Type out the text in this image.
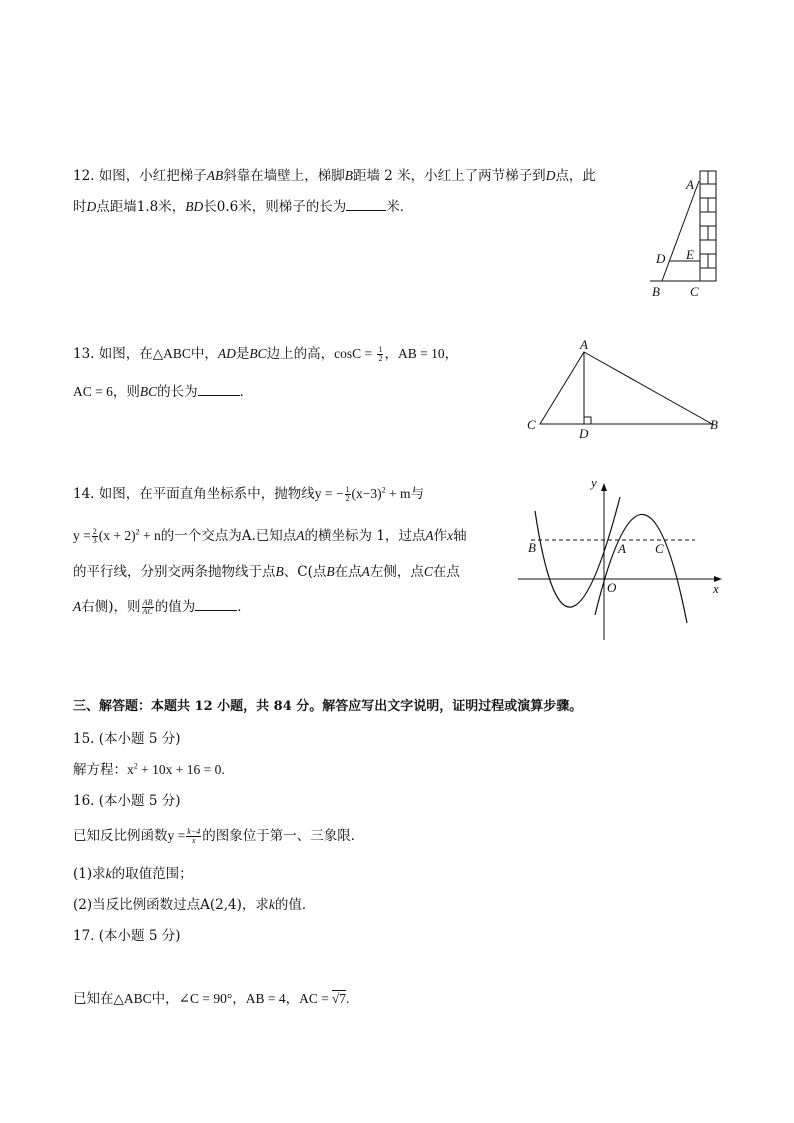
12. 如图，小红把梯子AB斜靠在墙壁上，梯脚B距墙 2 米，小红上了两节梯子到D点，此
时D点距墙1.8米，BD长0.6米，则梯子的长为	米．
A
E
D
B C
13. 如图，在△ABC中，AD是BC边上的高，$\cos C = \frac{1}{2}$ ，AB = 10，
AC = 6，则BC的长为	．
A
C
D
B
14. 如图，在平面直角坐标系中，抛物线y = − $\frac{1}{2} (x-3)^2 + m$与
$y = \frac{2}{3} (x + 2)^2 + n$的一个交点为A.已知点A的横坐标为 1，过点A作x轴
的平行线，分别交两条抛物线于点B、C(点B在点A左侧，点C在点
A右侧)，则 $\frac{AB}{AC}$ 的值为	．
y
x
O
B	A C
三、解答题：本题共 12 小题，共 84 分。解答应写出文字说明，证明过程或演算步骤。
15. (本小题 5 分)
解方程：$x^2 + 10x + 16 = 0$.
16. (本小题 5 分)
已知反比例函数$y = \frac{k-4}{x}$ 的图象位于第一、三象限．
(1)求k的取值范围；
(2)当反比例函数过点A(2,4)，求k的值．
17. (本小题 5 分)
已知在△ABC中，∠C = 90°，AB = 4，AC = √7.
